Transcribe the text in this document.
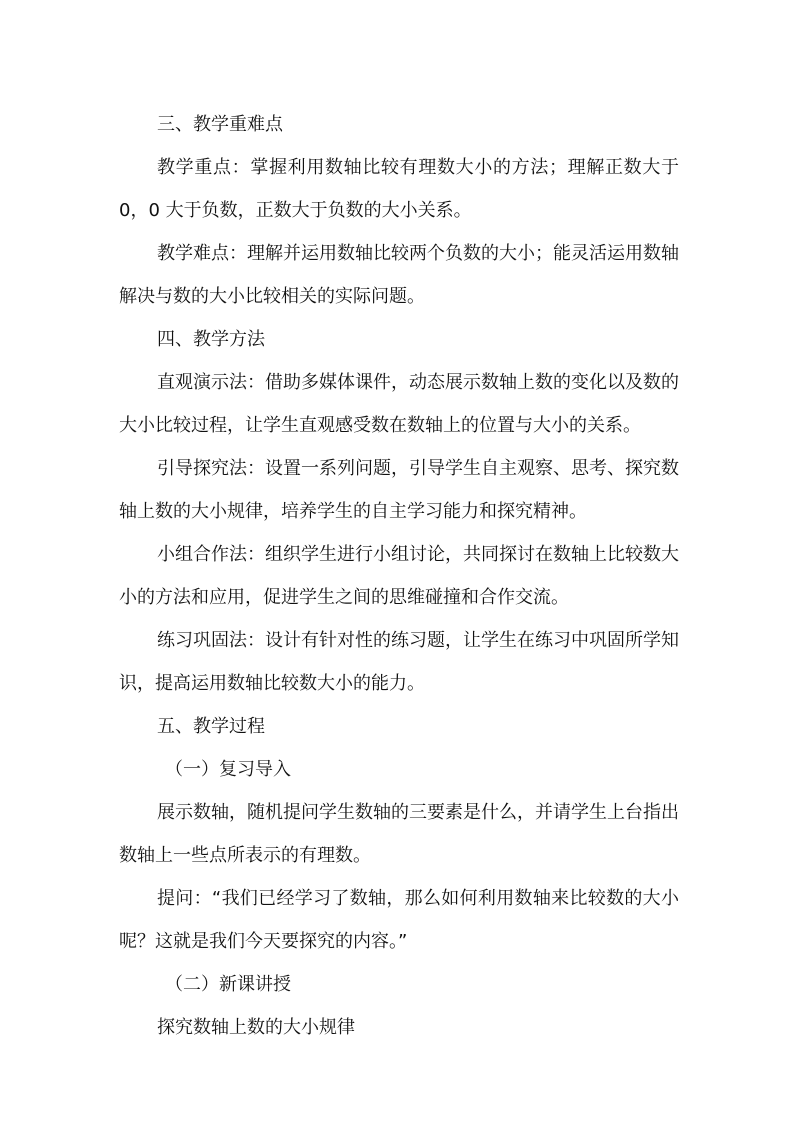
三、教学重难点

教学重点：掌握利用数轴比较有理数大小的方法；理解正数大于 0，0 大于负数，正数大于负数的大小关系。

教学难点：理解并运用数轴比较两个负数的大小；能灵活运用数轴解决与数的大小比较相关的实际问题。

四、教学方法

直观演示法：借助多媒体课件，动态展示数轴上数的变化以及数的大小比较过程，让学生直观感受数在数轴上的位置与大小的关系。

引导探究法：设置一系列问题，引导学生自主观察、思考、探究数轴上数的大小规律，培养学生的自主学习能力和探究精神。

小组合作法：组织学生进行小组讨论，共同探讨在数轴上比较数大小的方法和应用，促进学生之间的思维碰撞和合作交流。

练习巩固法：设计有针对性的练习题，让学生在练习中巩固所学知识，提高运用数轴比较数大小的能力。

五、教学过程

（一）复习导入

展示数轴，随机提问学生数轴的三要素是什么，并请学生上台指出数轴上一些点所表示的有理数。

提问：“我们已经学习了数轴，那么如何利用数轴来比较数的大小呢？这就是我们今天要探究的内容。”

（二）新课讲授

探究数轴上数的大小规律
